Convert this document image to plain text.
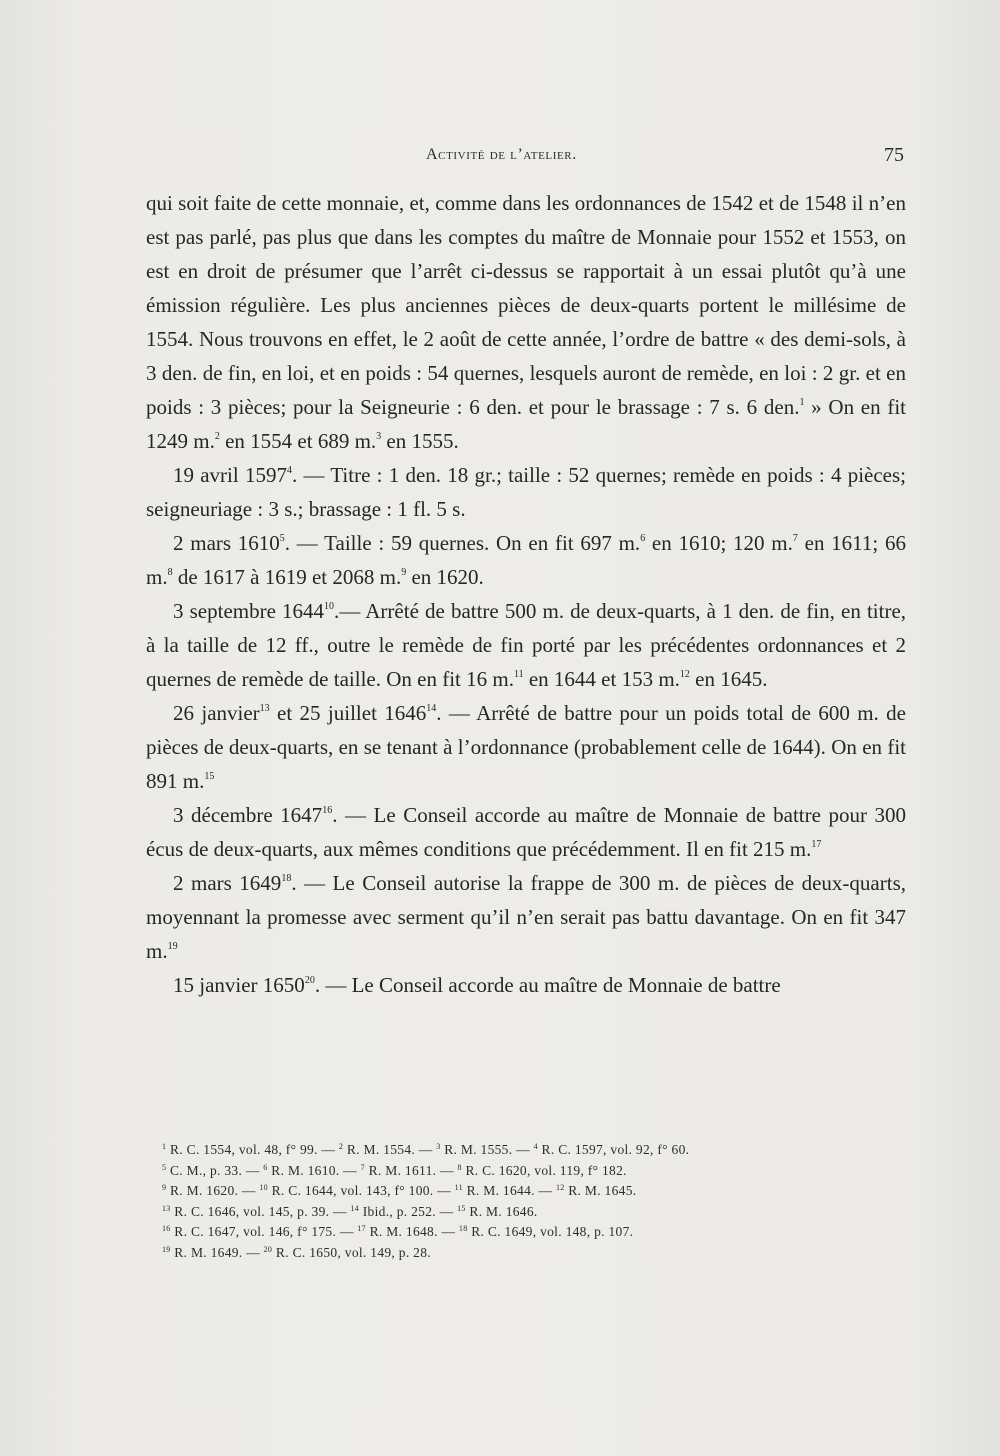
Activité de l’atelier.	75

qui soit faite de cette monnaie, et, comme dans les ordonnances de 1542 et de 1548 il n’en est pas parlé, pas plus que dans les comptes du maître de Monnaie pour 1552 et 1553, on est en droit de présumer que l’arrêt ci-dessus se rapportait à un essai plutôt qu’à une émission régulière. Les plus anciennes pièces de deux-quarts portent le millésime de 1554. Nous trouvons en effet, le 2 août de cette année, l’ordre de battre « des demi-sols, à 3 den. de fin, en loi, et en poids : 54 quernes, lesquels auront de remède, en loi : 2 gr. et en poids : 3 pièces; pour la Seigneurie : 6 den. et pour le brassage : 7 s. 6 den.$^1$ » On en fit 1249 m.$^2$ en 1554 et 689 m.$^3$ en 1555.

19 avril 1597$^4$. — Titre : 1 den. 18 gr.; taille : 52 quernes; remède en poids : 4 pièces; seigneuriage : 3 s.; brassage : 1 fl. 5 s.

2 mars 1610$^5$. — Taille : 59 quernes. On en fit 697 m.$^6$ en 1610; 120 m.$^7$ en 1611; 66 m.$^8$ de 1617 à 1619 et 2068 m.$^9$ en 1620.

3 septembre 1644$^{10}$.— Arrêté de battre 500 m. de deux-quarts, à 1 den. de fin, en titre, à la taille de 12 ff., outre le remède de fin porté par les précédentes ordonnances et 2 quernes de remède de taille. On en fit 16 m.$^{11}$ en 1644 et 153 m.$^{12}$ en 1645.

26 janvier$^{13}$ et 25 juillet 1646$^{14}$. — Arrêté de battre pour un poids total de 600 m. de pièces de deux-quarts, en se tenant à l’ordonnance (probablement celle de 1644). On en fit 891 m.$^{15}$

3 décembre 1647$^{16}$. — Le Conseil accorde au maître de Monnaie de battre pour 300 écus de deux-quarts, aux mêmes conditions que précédemment. Il en fit 215 m.$^{17}$

2 mars 1649$^{18}$. — Le Conseil autorise la frappe de 300 m. de pièces de deux-quarts, moyennant la promesse avec serment qu’il n’en serait pas battu davantage. On en fit 347 m.$^{19}$

15 janvier 1650$^{20}$. — Le Conseil accorde au maître de Monnaie de battre

$^1$ R. C. 1554, vol. 48, f° 99. — $^2$ R. M. 1554. — $^3$ R. M. 1555. — $^4$ R. C. 1597, vol. 92, f° 60.
$^5$ C. M., p. 33. — $^6$ R. M. 1610. — $^7$ R. M. 1611. — $^8$ R. C. 1620, vol. 119, f° 182.
$^9$ R. M. 1620. — $^{10}$ R. C. 1644, vol. 143, f° 100. — $^{11}$ R. M. 1644. — $^{12}$ R. M. 1645.
$^{13}$ R. C. 1646, vol. 145, p. 39. — $^{14}$ Ibid., p. 252. — $^{15}$ R. M. 1646.
$^{16}$ R. C. 1647, vol. 146, f° 175. — $^{17}$ R. M. 1648. — $^{18}$ R. C. 1649, vol. 148, p. 107.
$^{19}$ R. M. 1649. — $^{20}$ R. C. 1650, vol. 149, p. 28.
